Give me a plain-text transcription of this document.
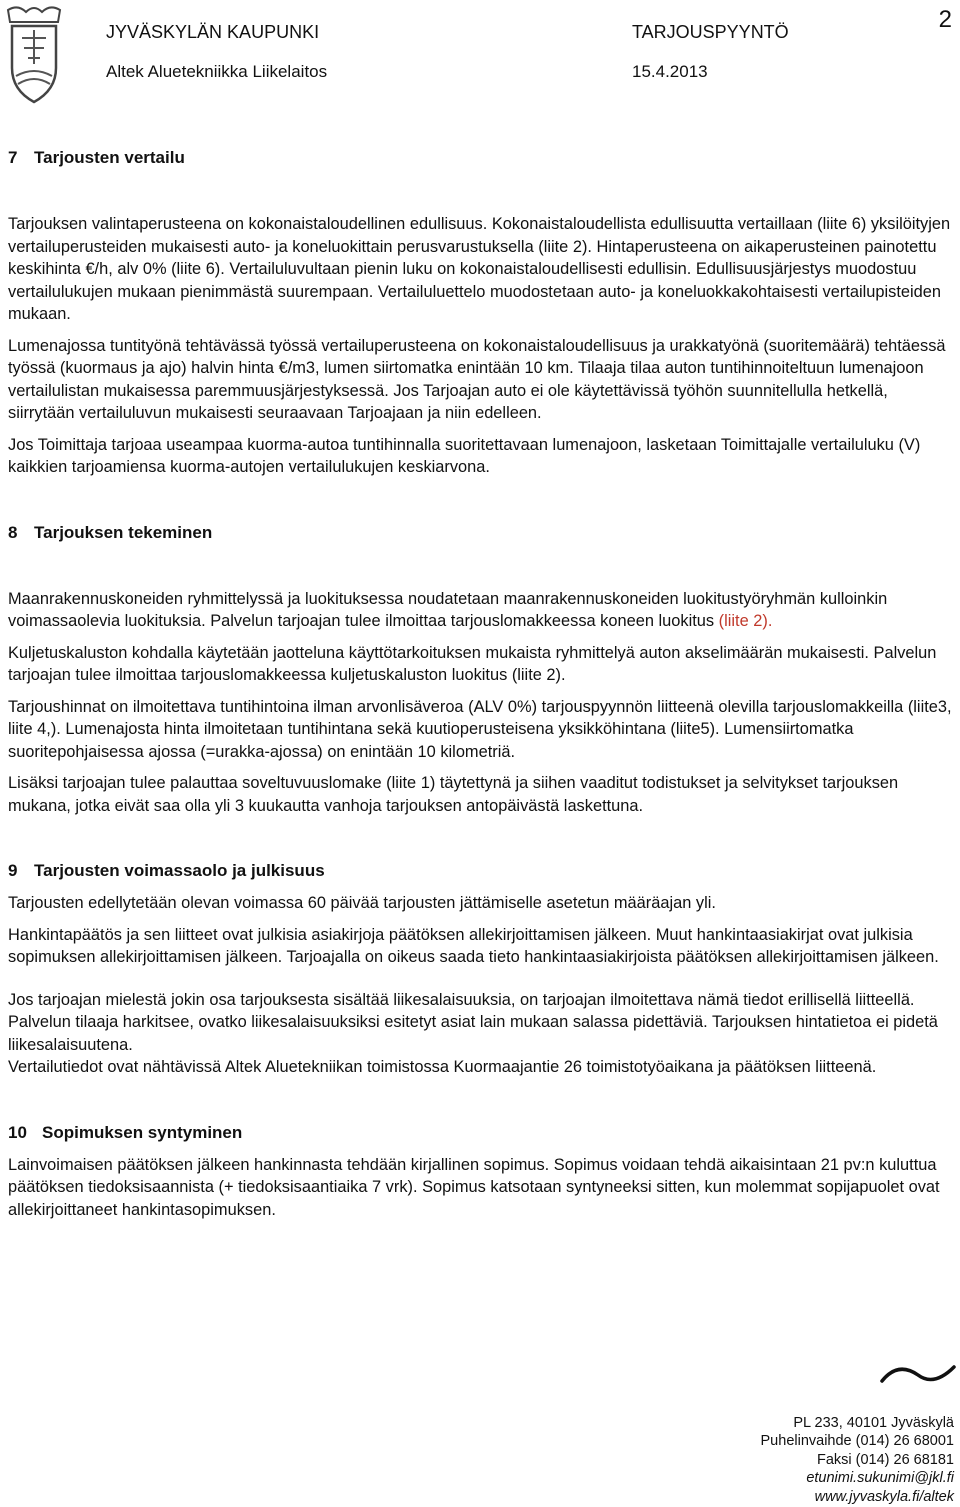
JYVÄSKYLÄN KAUPUNKI	TARJOUSPYYNTÖ
Altek Aluetekniikka Liikelaitos	15.4.2013
2
7 Tarjousten vertailu

Tarjouksen valintaperusteena on kokonaistaloudellinen edullisuus. Kokonaistaloudellista edullisuutta vertaillaan (liite 6) yksilöityjen vertailuperusteiden mukaisesti auto- ja koneluokittain perusvarustuksella (liite 2). Hintaperusteena on aikaperusteinen painotettu keskihinta €/h, alv 0% (liite 6). Vertailuluvultaan pienin luku on kokonaistaloudellisesti edullisin. Edullisuusjärjestys muodostuu vertailulukujen mukaan pienimmästä suurempaan. Vertailuluettelo muodostetaan auto- ja koneluokkakohtaisesti vertailupisteiden mukaan.

Lumenajossa tuntityönä tehtävässä työssä vertailuperusteena on kokonaistaloudellisuus ja urakkatyönä (suoritemäärä) tehtäessä työssä (kuormaus ja ajo) halvin hinta €/m3, lumen siirtomatka enintään 10 km. Tilaaja tilaa auton tuntihinnoiteltuun lumenajoon vertailulistan mukaisessa paremmuusjärjestyksessä. Jos Tarjoajan auto ei ole käytettävissä työhön suunnitellulla hetkellä, siirrytään vertailuluvun mukaisesti seuraavaan Tarjoajaan ja niin edelleen.

Jos Toimittaja tarjoaa useampaa kuorma-autoa tuntihinnalla suoritettavaan lumenajoon, lasketaan Toimittajalle vertailuluku (V) kaikkien tarjoamiensa kuorma-autojen vertailulukujen keskiarvona.

8 Tarjouksen tekeminen

Maanrakennuskoneiden ryhmittelyssä ja luokituksessa noudatetaan maanrakennuskoneiden luokitustyöryhmän kulloinkin voimassaolevia luokituksia. Palvelun tarjoajan tulee ilmoittaa tarjouslomakkeessa koneen luokitus (liite 2).

Kuljetuskaluston kohdalla käytetään jaotteluna käyttötarkoituksen mukaista ryhmittelyä auton akselimäärän mukaisesti. Palvelun tarjoajan tulee ilmoittaa tarjouslomakkeessa kuljetuskaluston luokitus (liite 2).

Tarjoushinnat on ilmoitettava tuntihintoina ilman arvonlisäveroa (ALV 0%) tarjouspyynnön liitteenä olevilla tarjouslomakkeilla (liite3, liite 4,). Lumenajosta hinta ilmoitetaan tuntihintana sekä kuutioperusteisena yksikköhintana (liite5). Lumensiirtomatka suoritepohjaisessa ajossa (=urakka-ajossa) on enintään 10 kilometriä.

Lisäksi tarjoajan tulee palauttaa soveltuvuuslomake (liite 1) täytettynä ja siihen vaaditut todistukset ja selvitykset tarjouksen mukana, jotka eivät saa olla yli 3 kuukautta vanhoja tarjouksen antopäivästä laskettuna.

9 Tarjousten voimassaolo ja julkisuus

Tarjousten edellytetään olevan voimassa 60 päivää tarjousten jättämiselle asetetun määräajan yli.

Hankintapäätös ja sen liitteet ovat julkisia asiakirjoja päätöksen allekirjoittamisen jälkeen. Muut hankintaasiakirjat ovat julkisia sopimuksen allekirjoittamisen jälkeen. Tarjoajalla on oikeus saada tieto hankintaasiakirjoista päätöksen allekirjoittamisen jälkeen.

Jos tarjoajan mielestä jokin osa tarjouksesta sisältää liikesalaisuuksia, on tarjoajan ilmoitettava nämä tiedot erillisellä liitteellä. Palvelun tilaaja harkitsee, ovatko liikesalaisuuksiksi esitetyt asiat lain mukaan salassa pidettäviä. Tarjouksen hintatietoa ei pidetä liikesalaisuutena.

Vertailutiedot ovat nähtävissä Altek Aluetekniikan toimistossa Kuormaajantie 26 toimistotyöaikana ja päätöksen liitteenä.

10 Sopimuksen syntyminen

Lainvoimaisen päätöksen jälkeen hankinnasta tehdään kirjallinen sopimus. Sopimus voidaan tehdä aikaisintaan 21 pv:n kuluttua päätöksen tiedoksisaannista (+ tiedoksisaantiaika 7 vrk). Sopimus katsotaan syntyneeksi sitten, kun molemmat sopijapuolet ovat allekirjoittaneet hankintasopimuksen.

PL 233, 40101 Jyväskylä
Puhelinvaihde (014) 26 68001
Faksi (014) 26 68181
etunimi.sukunimi@jkl.fi
www.jyvaskyla.fi/altek
